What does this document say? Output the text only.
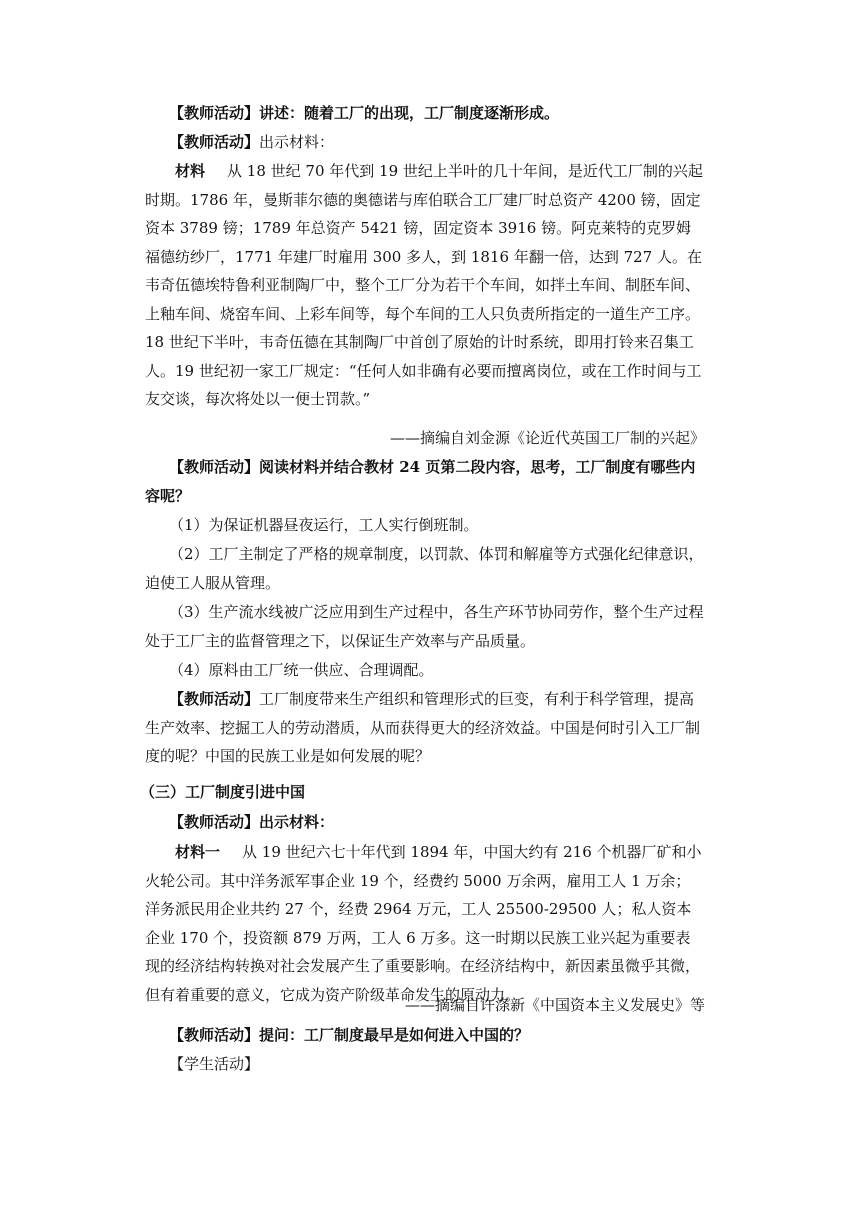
【教师活动】讲述：随着工厂的出现，工厂制度逐渐形成。

【教师活动】出示材料：

材料 从 18 世纪 70 年代到 19 世纪上半叶的几十年间，是近代工厂制的兴起时期。1786 年，曼斯菲尔德的奥德诺与库伯联合工厂建厂时总资产 4200 镑，固定资本 3789 镑；1789 年总资产 5421 镑，固定资本 3916 镑。阿克莱特的克罗姆福德纺纱厂，1771 年建厂时雇用 300 多人，到 1816 年翻一倍，达到 727 人。在韦奇伍德埃特鲁利亚制陶厂中，整个工厂分为若干个车间，如拌土车间、制胚车间、上釉车间、烧窑车间、上彩车间等，每个车间的工人只负责所指定的一道生产工序。18 世纪下半叶，韦奇伍德在其制陶厂中首创了原始的计时系统，即用打铃来召集工人。19 世纪初一家工厂规定：“任何人如非确有必要而擅离岗位，或在工作时间与工友交谈，每次将处以一便士罚款。”

——摘编自刘金源《论近代英国工厂制的兴起》

【教师活动】阅读材料并结合教材 24 页第二段内容，思考，工厂制度有哪些内容呢？

（1）为保证机器昼夜运行，工人实行倒班制。

（2）工厂主制定了严格的规章制度，以罚款、体罚和解雇等方式强化纪律意识，迫使工人服从管理。

（3）生产流水线被广泛应用到生产过程中，各生产环节协同劳作，整个生产过程处于工厂主的监督管理之下，以保证生产效率与产品质量。

（4）原料由工厂统一供应、合理调配。

【教师活动】工厂制度带来生产组织和管理形式的巨变，有利于科学管理，提高生产效率、挖掘工人的劳动潜质，从而获得更大的经济效益。中国是何时引入工厂制度的呢？中国的民族工业是如何发展的呢？

（三）工厂制度引进中国

【教师活动】出示材料：

材料一 从 19 世纪六七十年代到 1894 年，中国大约有 216 个机器厂矿和小火轮公司。其中洋务派军事企业 19 个，经费约 5000 万余两，雇用工人 1 万余；洋务派民用企业共约 27 个，经费 2964 万元，工人 25500-29500 人；私人资本企业 170 个，投资额 879 万两，工人 6 万多。这一时期以民族工业兴起为重要表现的经济结构转换对社会发展产生了重要影响。在经济结构中，新因素虽微乎其微，但有着重要的意义，它成为资产阶级革命发生的原动力。

——摘编自许涤新《中国资本主义发展史》等

【教师活动】提问：工厂制度最早是如何进入中国的？

【学生活动】
